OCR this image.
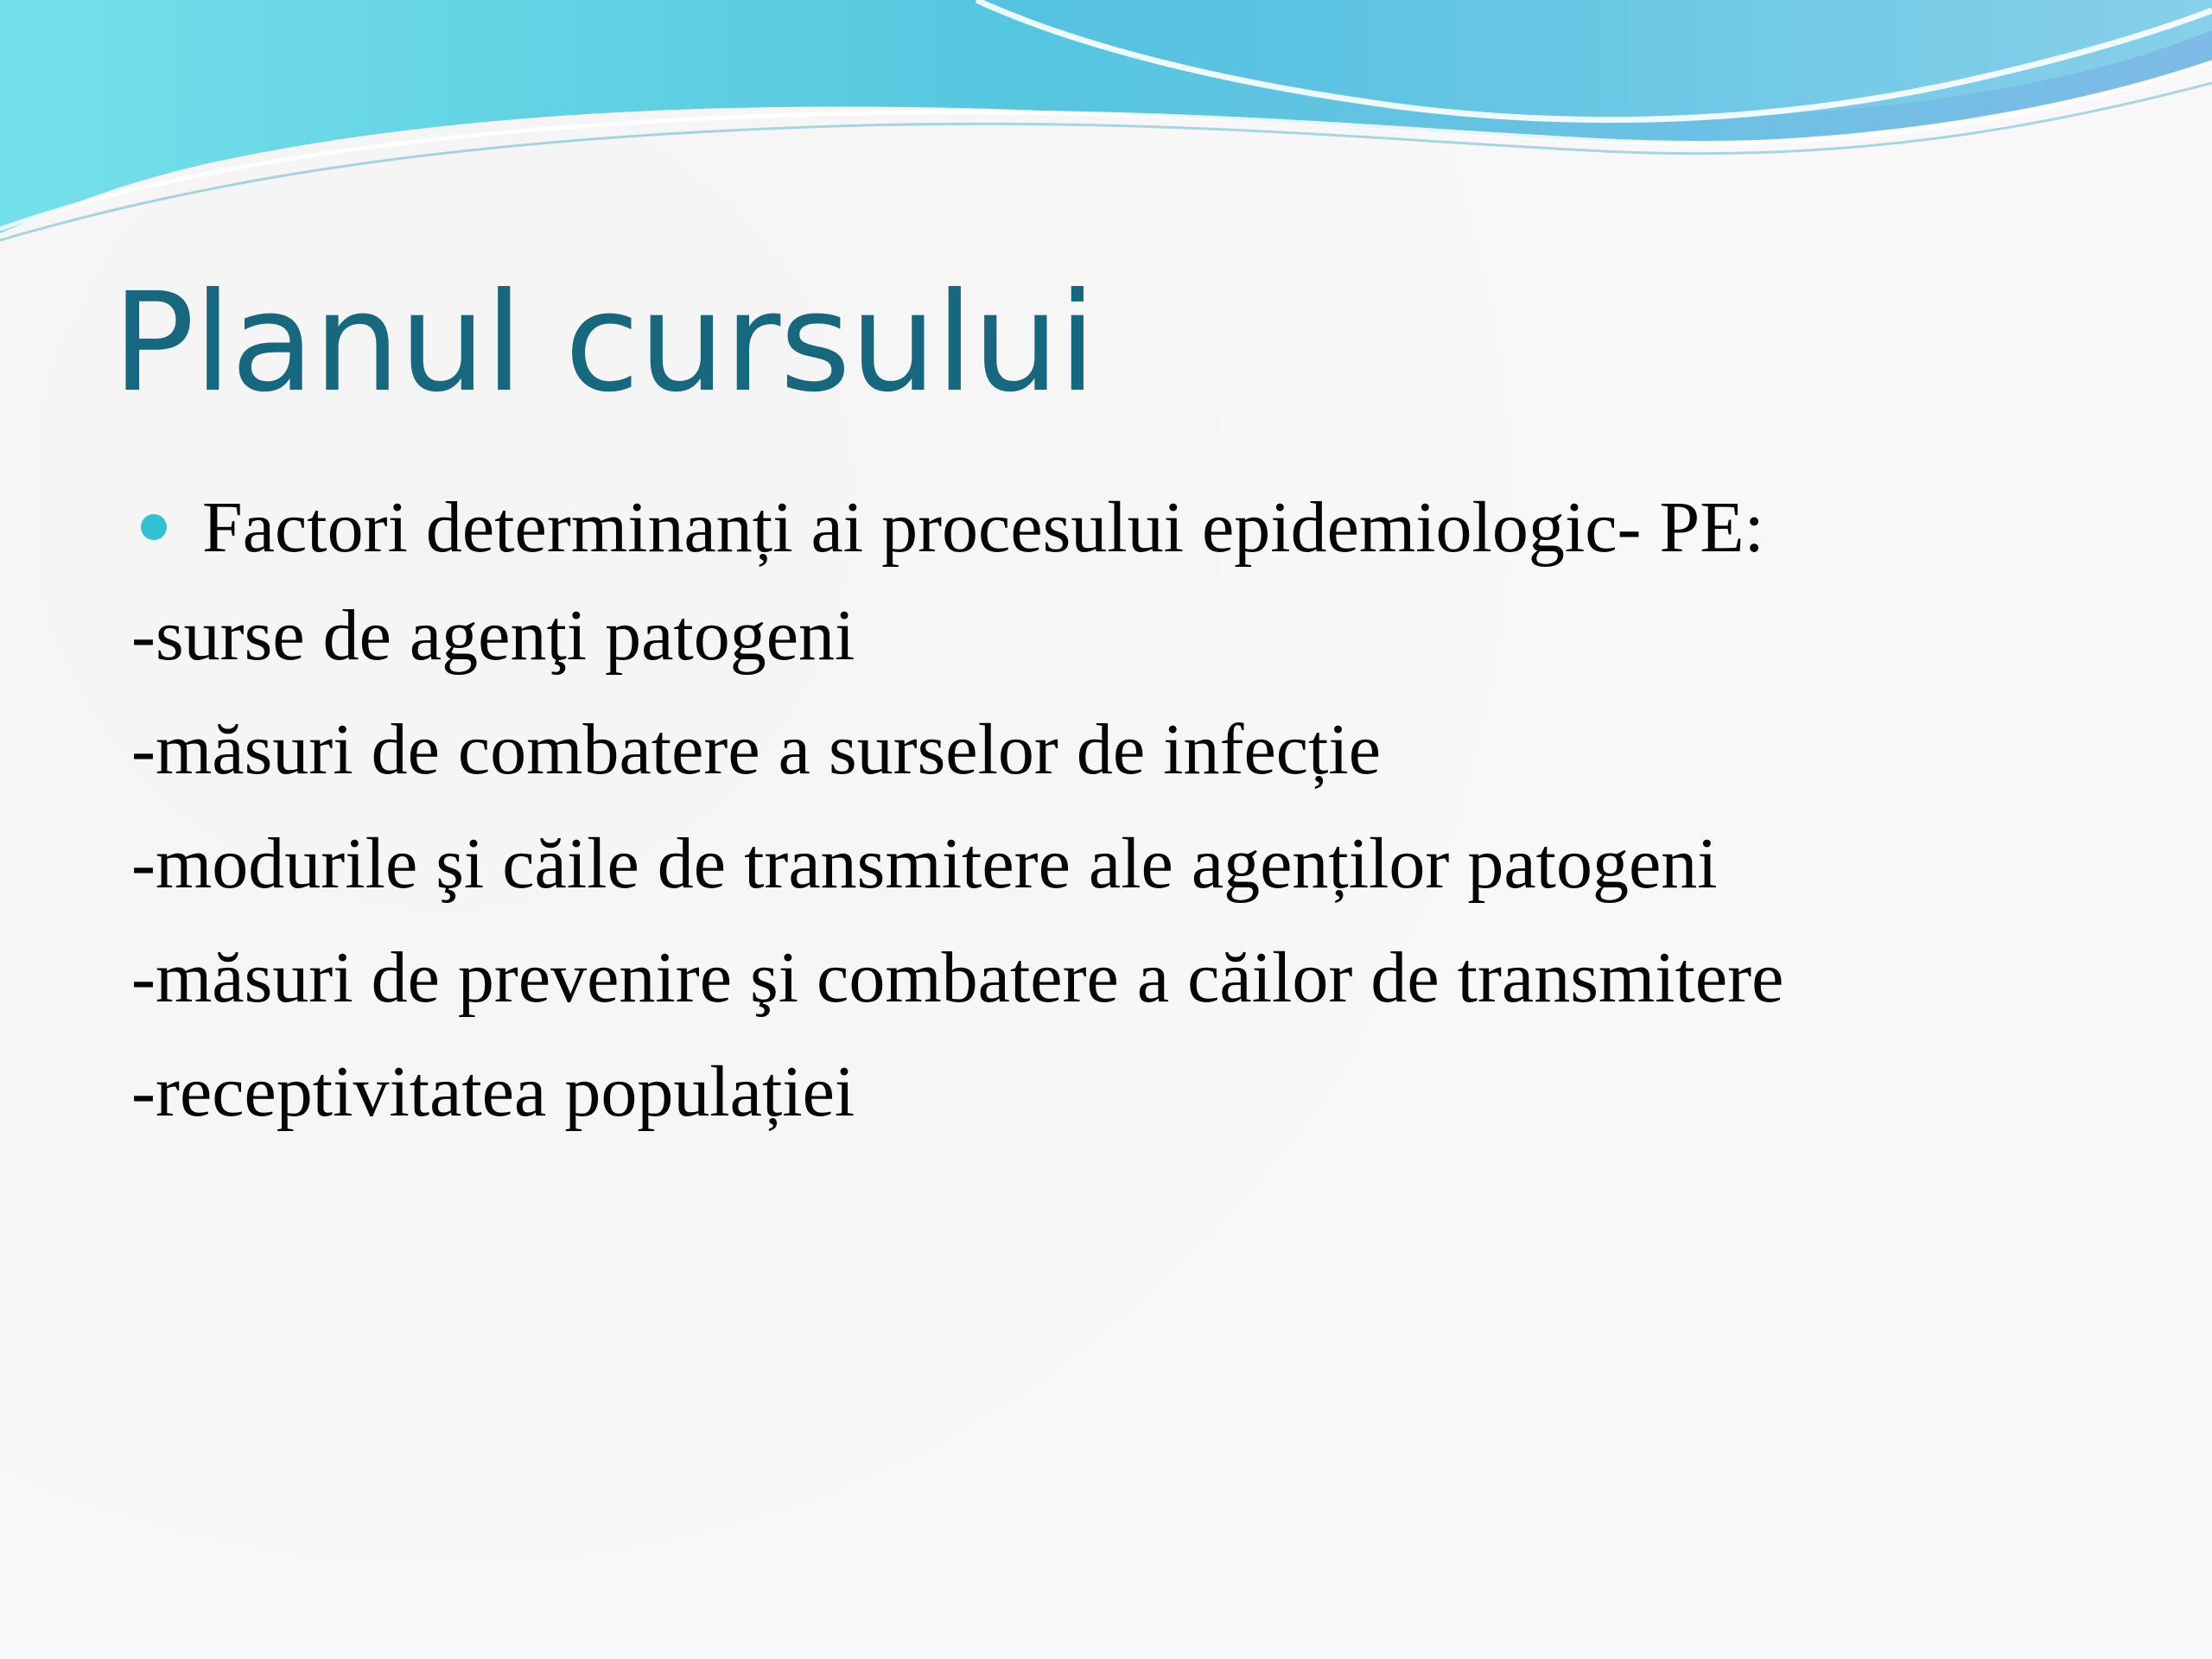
Planul cursului
Factori determinanți ai procesului epidemiologic- PE:
-surse de agenţi patogeni
-măsuri de combatere a surselor de infecție
-modurile şi căile de transmitere ale agenților patogeni
-măsuri de prevenire şi combatere a căilor de transmitere
-receptivitatea populației
